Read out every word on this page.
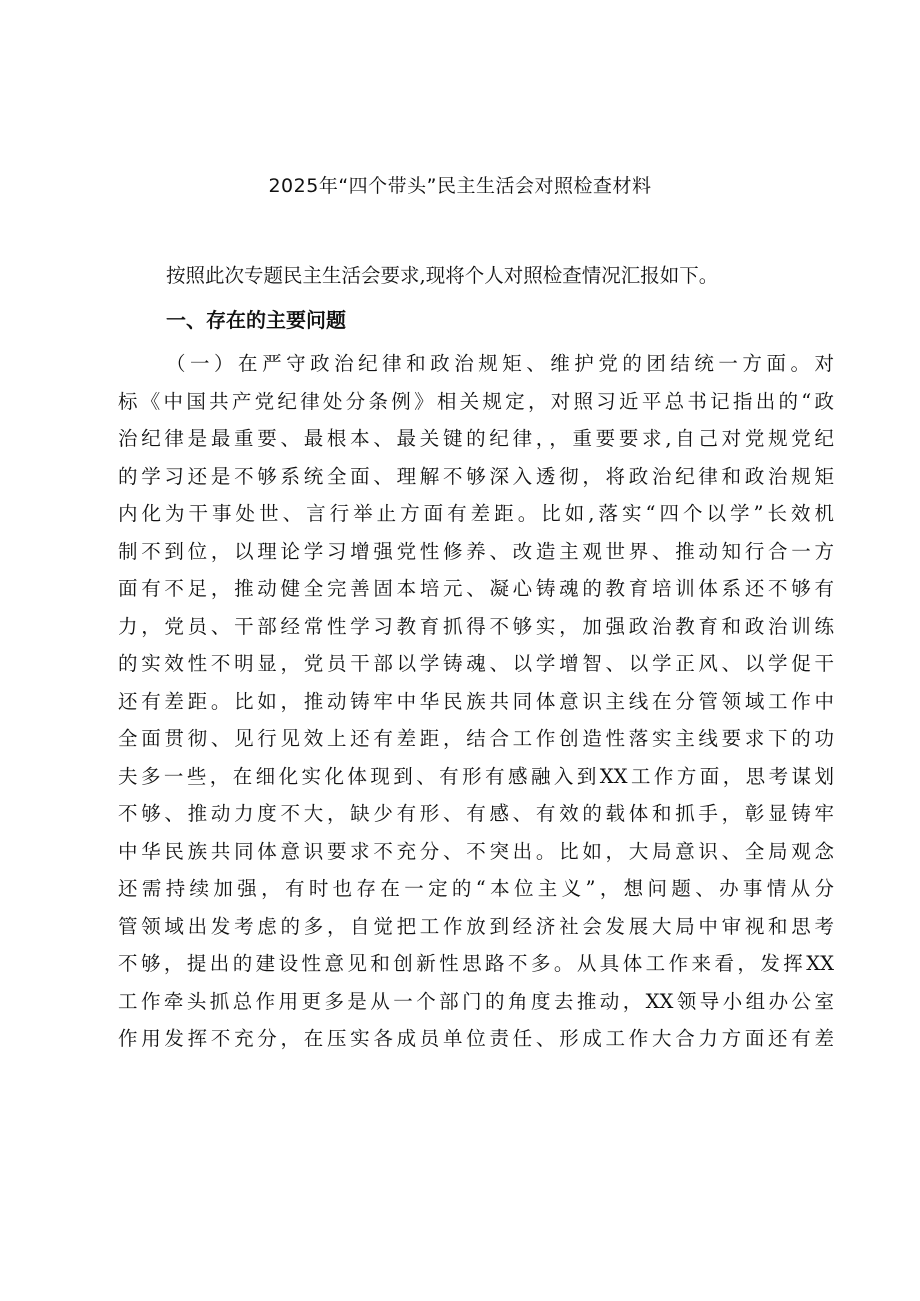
2025年“四个带头”民主生活会对照检查材料
按照此次专题民主生活会要求,现将个人对照检查情况汇报如下。
一、存在的主要问题
（一）在严守政治纪律和政治规矩、维护党的团结统一方面。对
标《中国共产党纪律处分条例》相关规定，对照习近平总书记指出的“政
治纪律是最重要、最根本、最关键的纪律，，重要要求,自己对党规党纪
的学习还是不够系统全面、理解不够深入透彻，将政治纪律和政治规矩
内化为干事处世、言行举止方面有差距。比如,落实“四个以学”长效机
制不到位，以理论学习增强党性修养、改造主观世界、推动知行合一方
面有不足，推动健全完善固本培元、凝心铸魂的教育培训体系还不够有
力，党员、干部经常性学习教育抓得不够实，加强政治教育和政治训练
的实效性不明显，党员干部以学铸魂、以学增智、以学正风、以学促干
还有差距。比如，推动铸牢中华民族共同体意识主线在分管领域工作中
全面贯彻、见行见效上还有差距，结合工作创造性落实主线要求下的功
夫多一些，在细化实化体现到、有形有感融入到XX工作方面，思考谋划
不够、推动力度不大，缺少有形、有感、有效的载体和抓手，彰显铸牢
中华民族共同体意识要求不充分、不突出。比如，大局意识、全局观念
还需持续加强，有时也存在一定的“本位主义”，想问题、办事情从分
管领域出发考虑的多，自觉把工作放到经济社会发展大局中审视和思考
不够，提出的建设性意见和创新性思路不多。从具体工作来看，发挥XX
工作牵头抓总作用更多是从一个部门的角度去推动，XX领导小组办公室
作用发挥不充分，在压实各成员单位责任、形成工作大合力方面还有差
